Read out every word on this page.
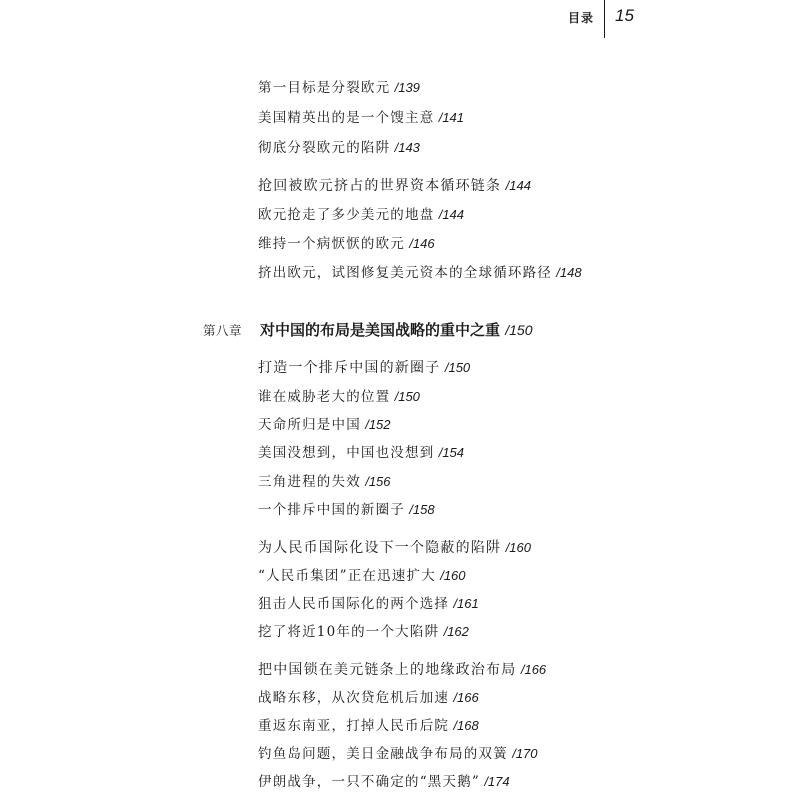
目录 15
第一目标是分裂欧元 /139
美国精英出的是一个馊主意 /141
彻底分裂欧元的陷阱 /143
抢回被欧元挤占的世界资本循环链条 /144
欧元抢走了多少美元的地盘 /144
维持一个病恹恹的欧元 /146
挤出欧元，试图修复美元资本的全球循环路径 /148
第八章 对中国的布局是美国战略的重中之重 /150
打造一个排斥中国的新圈子 /150
谁在威胁老大的位置 /150
天命所归是中国 /152
美国没想到，中国也没想到 /154
三角进程的失效 /156
一个排斥中国的新圈子 /158
为人民币国际化设下一个隐蔽的陷阱 /160
“人民币集团”正在迅速扩大 /160
狙击人民币国际化的两个选择 /161
挖了将近10年的一个大陷阱 /162
把中国锁在美元链条上的地缘政治布局 /166
战略东移，从次贷危机后加速 /166
重返东南亚，打掉人民币后院 /168
钓鱼岛问题，美日金融战争布局的双簧 /170
伊朗战争，一只不确定的“黑天鹅” /174
